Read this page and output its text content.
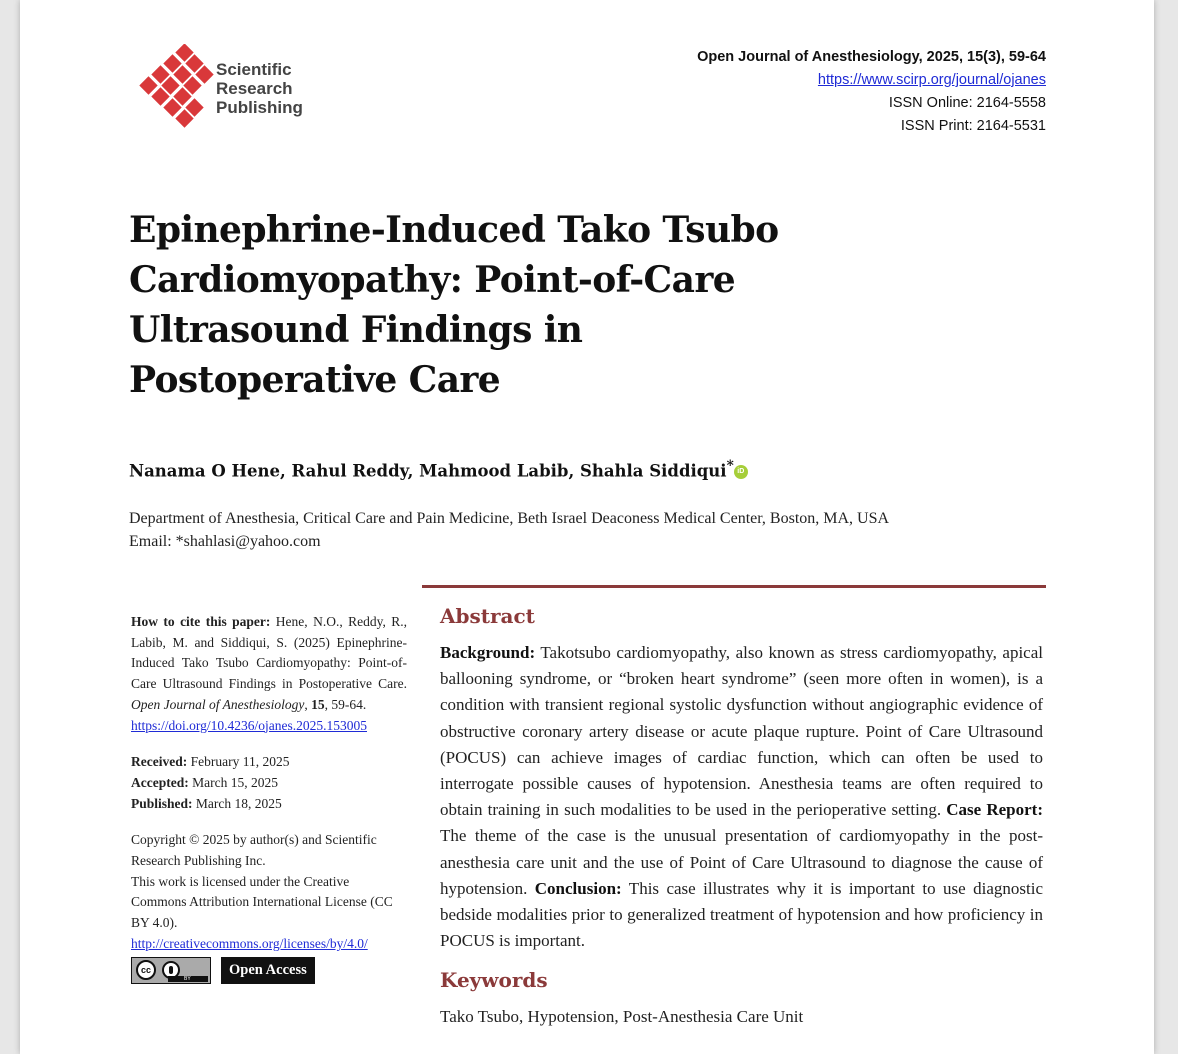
Scientific
Research
Publishing
Open Journal of Anesthesiology, 2025, 15(3), 59-64
https://www.scirp.org/journal/ojanes
ISSN Online: 2164-5558
ISSN Print: 2164-5531
Epinephrine-Induced Tako Tsubo
Cardiomyopathy: Point-of-Care
Ultrasound Findings in
Postoperative Care
Nanama O Hene, Rahul Reddy, Mahmood Labib, Shahla Siddiqui* iD
Department of Anesthesia, Critical Care and Pain Medicine, Beth Israel Deaconess Medical Center, Boston, MA, USA
Email: *shahlasi@yahoo.com
How to cite this paper: Hene, N.O., Reddy, R., Labib, M. and Siddiqui, S. (2025) Epinephrine-Induced Tako Tsubo Cardiomyopathy: Point-of-Care Ultrasound Findings in Postoperative Care. Open Journal of Anesthesiology, 15, 59-64.
https://doi.org/10.4236/ojanes.2025.153005
Received: February 11, 2025
Accepted: March 15, 2025
Published: March 18, 2025
Copyright © 2025 by author(s) and Scientific Research Publishing Inc.
This work is licensed under the Creative Commons Attribution International License (CC BY 4.0).
http://creativecommons.org/licenses/by/4.0/
cc
BY
Open Access
Abstract

Background: Takotsubo cardiomyopathy, also known as stress cardiomyopathy, apical ballooning syndrome, or “broken heart syndrome” (seen more often in women), is a condition with transient regional systolic dysfunction without angiographic evidence of obstructive coronary artery disease or acute plaque rupture. Point of Care Ultrasound (POCUS) can achieve images of cardiac function, which can often be used to interrogate possible causes of hypotension. Anesthesia teams are often required to obtain training in such modalities to be used in the perioperative setting. Case Report: The theme of the case is the unusual presentation of cardiomyopathy in the post-anesthesia care unit and the use of Point of Care Ultrasound to diagnose the cause of hypotension. Conclusion: This case illustrates why it is important to use diagnostic bedside modalities prior to generalized treatment of hypotension and how proficiency in POCUS is important.

Keywords
Tako Tsubo, Hypotension, Post-Anesthesia Care Unit
